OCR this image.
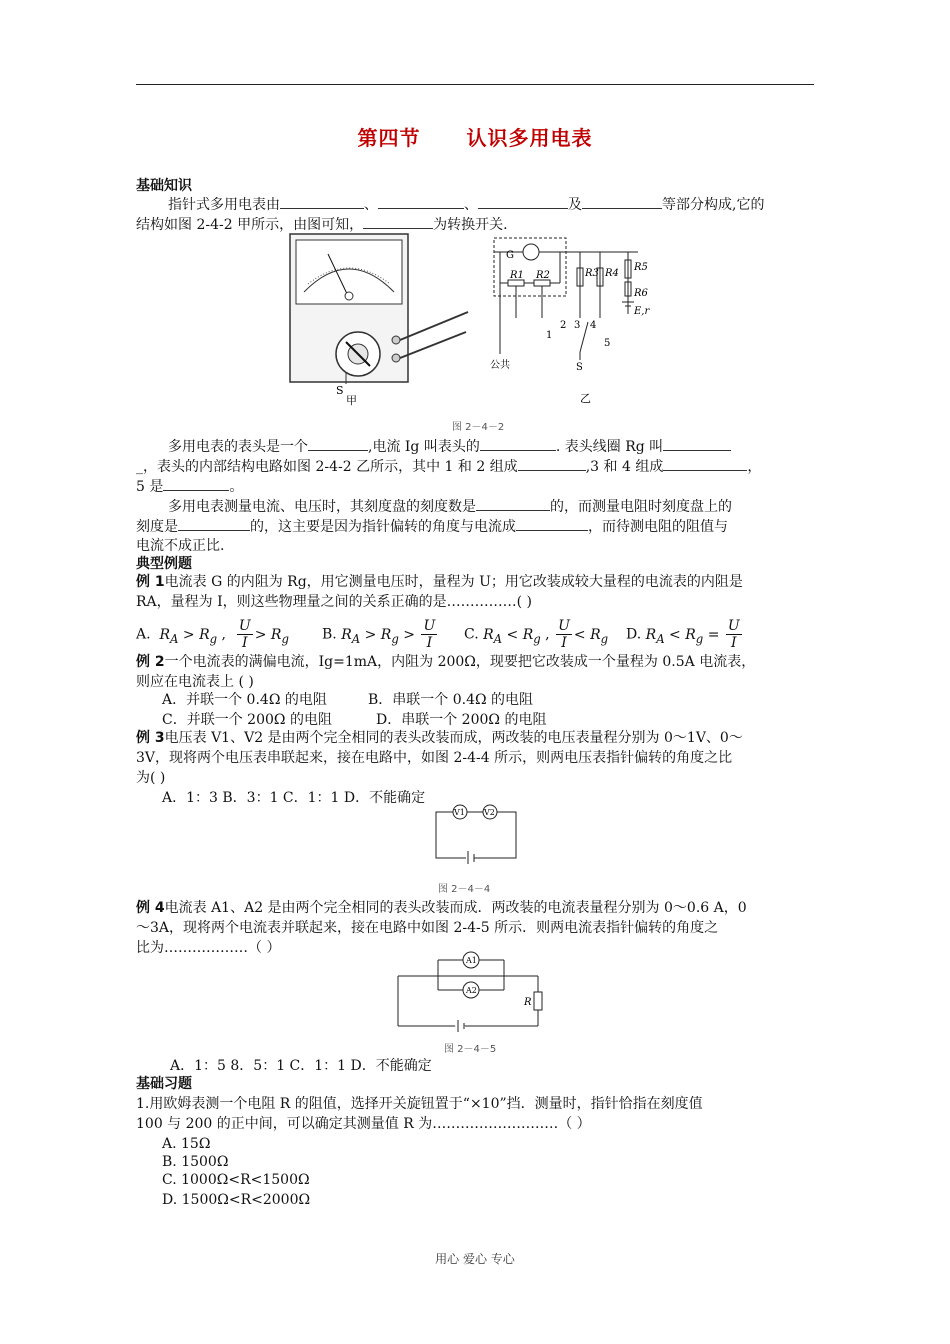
第四节 认识多用电表
基础知识
指针式多用电表由	、	、	及	等部分构成,它的
结构如图 2-4-2 甲所示，由图可知，	为转换开关.
S
甲
G
R1 R2	R3 R4
R5
R6
E,r
1
2 3 4
5
S
公共
乙
图 2－4－2
多用电表的表头是一个	,电流 Ig 叫表头的	. 表头线圈 Rg 叫
_，表头的内部结构电路如图 2-4-2 乙所示，其中 1 和 2 组成	,3 和 4 组成	，
5 是	。
多用电表测量电流、电压时，其刻度盘的刻度数是	的，而测量电阻时刻度盘上的
刻度是	的，这主要是因为指针偏转的角度与电流成	，而待测电阻的阻值与
电流不成正比.
典型例题
例 1电流表 G 的内阻为 Rg，用它测量电压时，量程为 U；用它改装成较大量程的电流表的内阻是
RA，量程为 I，则这些物理量之间的关系正确的是……………( )
A. $R_A > R_g$ , $\frac{U}{I} > R_g$ B. $R_A > R_g > \frac{U}{I} C$. $R_A < R_g$ , $\frac{U}{I} < R_g$ D. $R_A < R_g = \frac{U}{I}$
例 2一个电流表的满偏电流，Ig=1mA，内阻为 200Ω，现要把它改装成一个量程为 0.5A 电流表，
则应在电流表上 ( )
A．并联一个 0.4Ω 的电阻	B．串联一个 0.4Ω 的电阻
C．并联一个 200Ω 的电阻	D．串联一个 200Ω 的电阻
例 3电压表 V1、V2 是由两个完全相同的表头改装而成，两改装的电压表量程分别为 0～1V、0～
3V，现将两个电压表串联起来，接在电路中，如图 2-4-4 所示，则两电压表指针偏转的角度之比
为( )
A．1：3 B．3：1 C．1：1 D．不能确定
V1 V2
图 2－4－4
例 4电流表 A1、A2 是由两个完全相同的表头改装而成．两改装的电流表量程分别为 0～0.6 A，0
～3A，现将两个电流表并联起来，接在电路中如图 2-4-5 所示．则两电流表指针偏转的角度之
比为………………（ ）
A1
A2
R
图 2－4－5
A．1：5 8．5：1 C．1：1 D．不能确定
基础习题
1.用欧姆表测一个电阻 R 的阻值，选择开关旋钮置于“×10”挡．测量时，指针恰指在刻度值
100 与 200 的正中间，可以确定其测量值 R 为………………………（ ）
A. 15Ω
B. 1500Ω
C. 1000Ω<R<1500Ω
D. 1500Ω<R<2000Ω
用心 爱心 专心
